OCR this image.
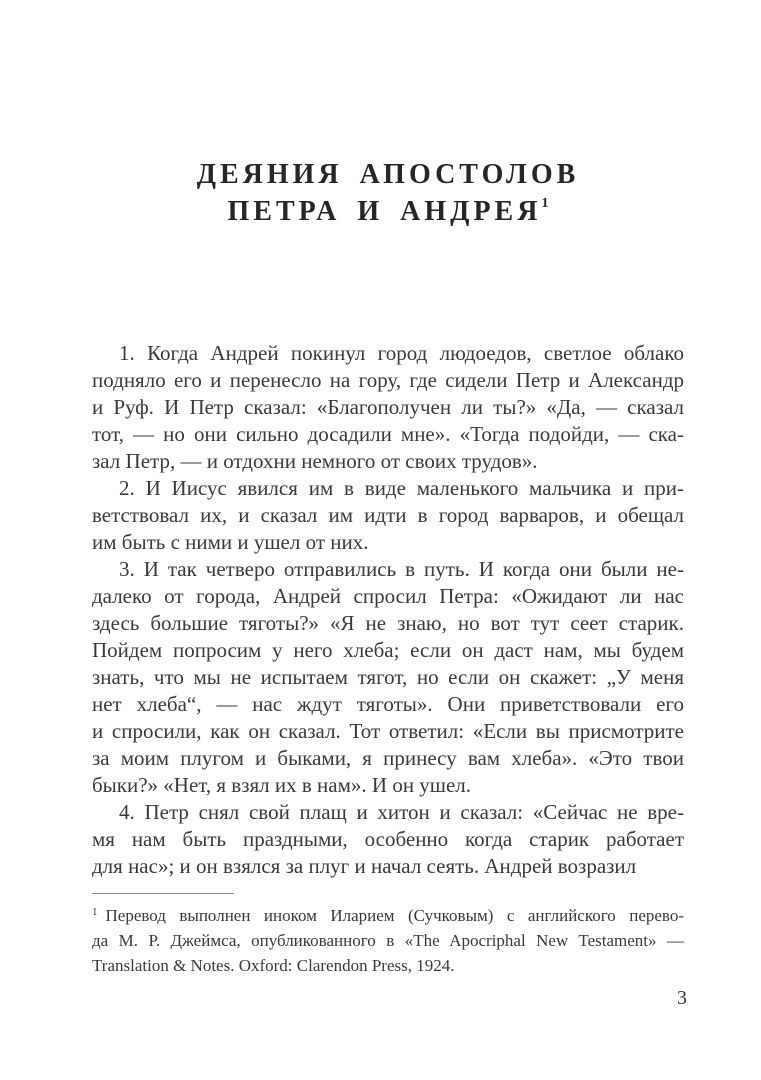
ДЕЯНИЯ АПОСТОЛОВ
ПЕТРА И АНДРЕЯ$^1$
1. Когда Андрей покинул город людоедов, светлое облако
подняло его и перенесло на гору, где сидели Петр и Александр
и Руф. И Петр сказал: «Благополучен ли ты?» «Да, — сказал
тот, — но они сильно досадили мне». «Тогда подойди, — ска-
зал Петр, — и отдохни немного от своих трудов».
2. И Иисус явился им в виде маленького мальчика и при-
ветствовал их, и сказал им идти в город варваров, и обещал
им быть с ними и ушел от них.
3. И так четверо отправились в путь. И когда они были не-
далеко от города, Андрей спросил Петра: «Ожидают ли нас
здесь большие тяготы?» «Я не знаю, но вот тут сеет старик.
Пойдем попросим у него хлеба; если он даст нам, мы будем
знать, что мы не испытаем тягот, но если он скажет: „У меня
нет хлеба“, — нас ждут тяготы». Они приветствовали его
и спросили, как он сказал. Тот ответил: «Если вы присмотрите
за моим плугом и быками, я принесу вам хлеба». «Это твои
быки?» «Нет, я взял их в нам». И он ушел.
4. Петр снял свой плащ и хитон и сказал: «Сейчас не вре-
мя нам быть праздными, особенно когда старик работает
для нас»; и он взялся за плуг и начал сеять. Андрей возразил
$^1$ Перевод выполнен иноком Иларием (Сучковым) с английского перево-
да М. Р. Джеймса, опубликованного в «The Apocriphal New Testament» —
Translation & Notes. Oxford: Clarendon Press, 1924.
3
